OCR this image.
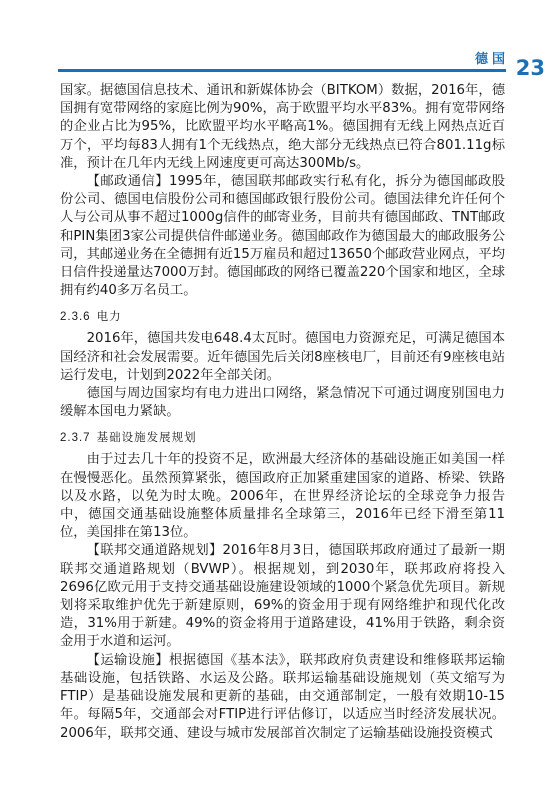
德国 23

国家。据德国信息技术、通讯和新媒体协会（BITKOM）数据，2016年，德国拥有宽带网络的家庭比例为90%，高于欧盟平均水平83%。拥有宽带网络的企业占比为95%，比欧盟平均水平略高1%。德国拥有无线上网热点近百万个，平均每83人拥有1个无线热点，绝大部分无线热点已符合801.11g标准，预计在几年内无线上网速度更可高达300Mb/s。

【邮政通信】1995年，德国联邦邮政实行私有化，拆分为德国邮政股份公司、德国电信股份公司和德国邮政银行股份公司。德国法律允许任何个人与公司从事不超过1000g信件的邮寄业务，目前共有德国邮政、TNT邮政和PIN集团3家公司提供信件邮递业务。德国邮政作为德国最大的邮政服务公司，其邮递业务在全德拥有近15万雇员和超过13650个邮政营业网点，平均日信件投递量达7000万封。德国邮政的网络已覆盖220个国家和地区，全球拥有约40多万名员工。

2.3.6 电力

2016年，德国共发电648.4太瓦时。德国电力资源充足，可满足德国本国经济和社会发展需要。近年德国先后关闭8座核电厂，目前还有9座核电站运行发电，计划到2022年全部关闭。

德国与周边国家均有电力进出口网络，紧急情况下可通过调度别国电力缓解本国电力紧缺。

2.3.7 基础设施发展规划

由于过去几十年的投资不足，欧洲最大经济体的基础设施正如美国一样在慢慢恶化。虽然预算紧张，德国政府正加紧重建国家的道路、桥梁、铁路以及水路，以免为时太晚。2006年，在世界经济论坛的全球竞争力报告中，德国交通基础设施整体质量排名全球第三，2016年已经下滑至第11位，美国排在第13位。

【联邦交通道路规划】2016年8月3日，德国联邦政府通过了最新一期联邦交通道路规划（BVWP）。根据规划，到2030年，联邦政府将投入2696亿欧元用于支持交通基础设施建设领域的1000个紧急优先项目。新规划将采取维护优先于新建原则，69%的资金用于现有网络维护和现代化改造，31%用于新建。49%的资金将用于道路建设，41%用于铁路，剩余资金用于水道和运河。

【运输设施】根据德国《基本法》，联邦政府负责建设和维修联邦运输基础设施，包括铁路、水运及公路。联邦运输基础设施规划（英文缩写为FTIP）是基础设施发展和更新的基础，由交通部制定，一般有效期10-15年。每隔5年，交通部会对FTIP进行评估修订，以适应当时经济发展状况。2006年，联邦交通、建设与城市发展部首次制定了运输基础设施投资模式
